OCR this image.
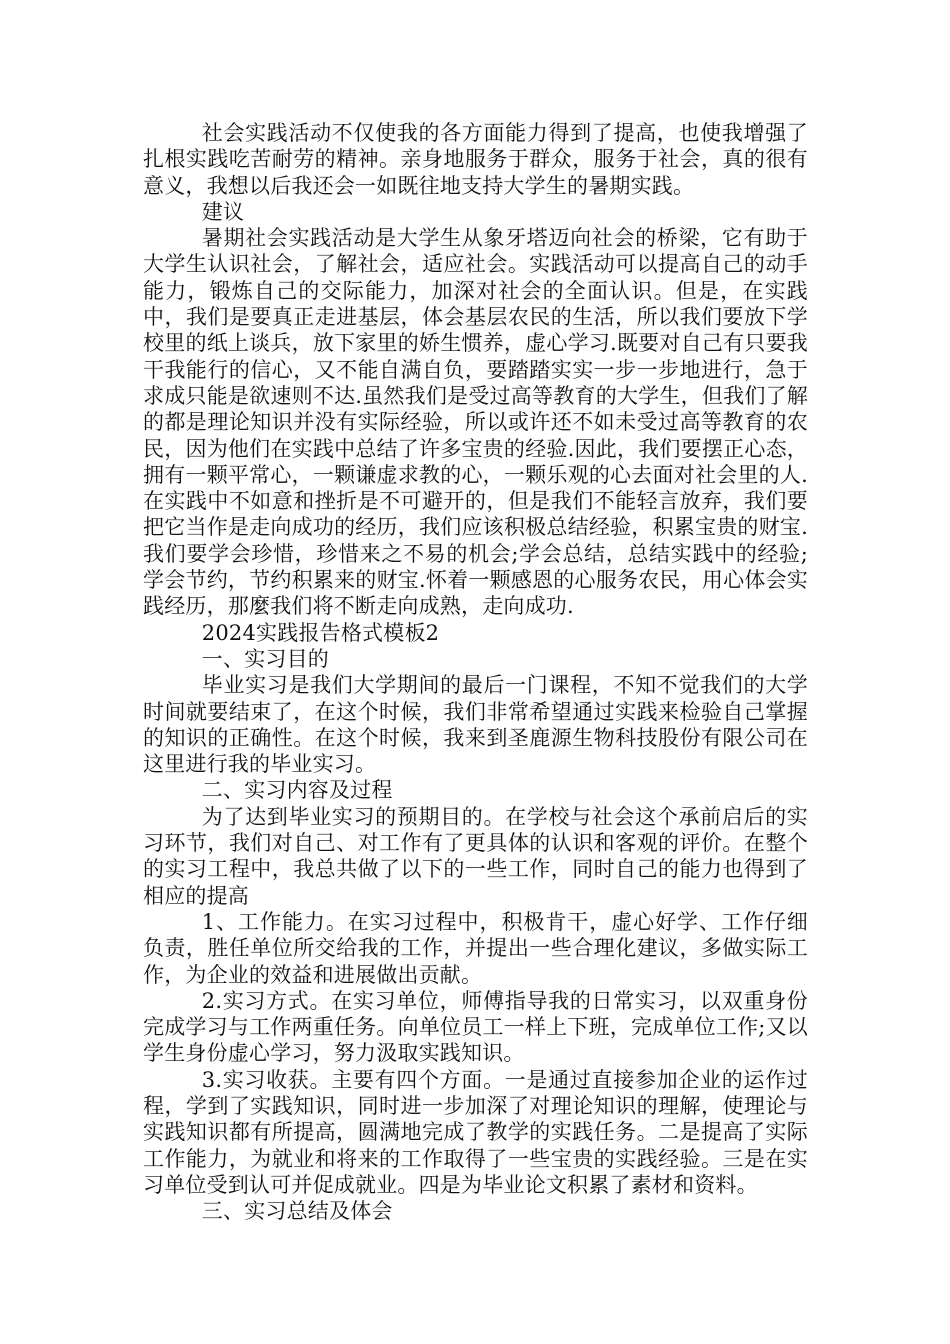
社会实践活动不仅使我的各方面能力得到了提高，也使我增强了扎根实践吃苦耐劳的精神。亲身地服务于群众，服务于社会，真的很有意义，我想以后我还会一如既往地支持大学生的暑期实践。

建议

暑期社会实践活动是大学生从象牙塔迈向社会的桥梁，它有助于大学生认识社会，了解社会，适应社会。实践活动可以提高自己的动手能力，锻炼自己的交际能力，加深对社会的全面认识。但是，在实践中，我们是要真正走进基层，体会基层农民的生活，所以我们要放下学校里的纸上谈兵，放下家里的娇生惯养，虚心学习.既要对自己有只要我干我能行的信心，又不能自满自负，要踏踏实实一步一步地进行，急于求成只能是欲速则不达.虽然我们是受过高等教育的大学生，但我们了解的都是理论知识并没有实际经验，所以或许还不如未受过高等教育的农民，因为他们在实践中总结了许多宝贵的经验.因此，我们要摆正心态，拥有一颗平常心，一颗谦虚求教的心，一颗乐观的心去面对社会里的人.在实践中不如意和挫折是不可避开的，但是我们不能轻言放弃，我们要把它当作是走向成功的经历，我们应该积极总结经验，积累宝贵的财宝.我们要学会珍惜，珍惜来之不易的机会;学会总结，总结实践中的经验;学会节约，节约积累来的财宝.怀着一颗感恩的心服务农民，用心体会实践经历，那麼我们将不断走向成熟，走向成功.

2024实践报告格式模板2

一、实习目的

毕业实习是我们大学期间的最后一门课程，不知不觉我们的大学时间就要结束了，在这个时候，我们非常希望通过实践来检验自己掌握的知识的正确性。在这个时候，我来到圣鹿源生物科技股份有限公司在这里进行我的毕业实习。

二、实习内容及过程

为了达到毕业实习的预期目的。在学校与社会这个承前启后的实习环节，我们对自己、对工作有了更具体的认识和客观的评价。在整个的实习工程中，我总共做了以下的一些工作，同时自己的能力也得到了相应的提高

1、工作能力。在实习过程中，积极肯干，虚心好学、工作仔细负责，胜任单位所交给我的工作，并提出一些合理化建议，多做实际工作，为企业的效益和进展做出贡献。

2.实习方式。在实习单位，师傅指导我的日常实习，以双重身份完成学习与工作两重任务。向单位员工一样上下班，完成单位工作;又以学生身份虚心学习，努力汲取实践知识。

3.实习收获。主要有四个方面。一是通过直接参加企业的运作过程，学到了实践知识，同时进一步加深了对理论知识的理解，使理论与实践知识都有所提高，圆满地完成了教学的实践任务。二是提高了实际工作能力，为就业和将来的工作取得了一些宝贵的实践经验。三是在实习单位受到认可并促成就业。四是为毕业论文积累了素材和资料。

三、实习总结及体会
